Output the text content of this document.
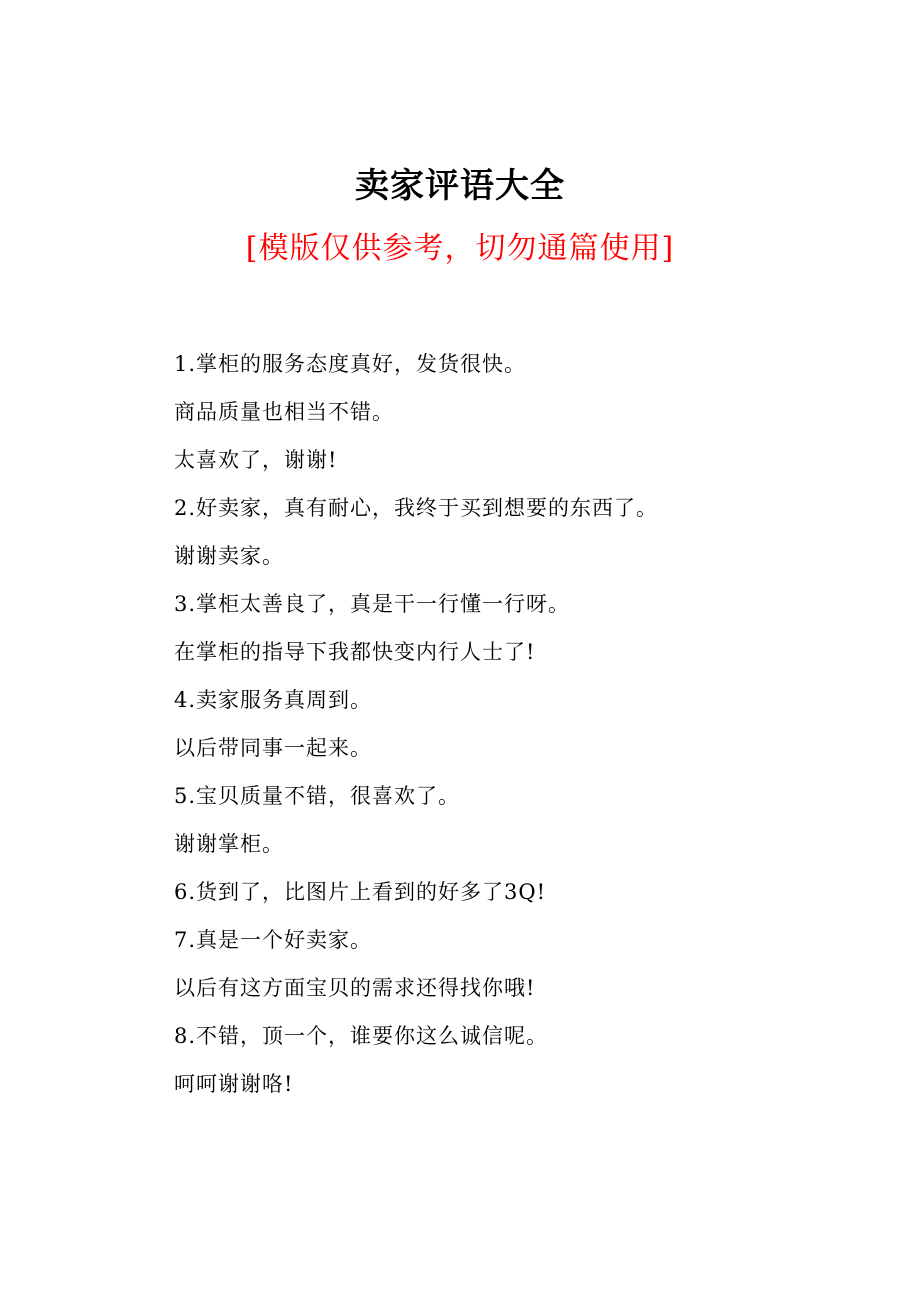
卖家评语大全
[模版仅供参考，切勿通篇使用]
1.掌柜的服务态度真好，发货很快。
商品质量也相当不错。
太喜欢了，谢谢!
2.好卖家，真有耐心，我终于买到想要的东西了。
谢谢卖家。
3.掌柜太善良了，真是干一行懂一行呀。
在掌柜的指导下我都快变内行人士了!
4.卖家服务真周到。
以后带同事一起来。
5.宝贝质量不错，很喜欢了。
谢谢掌柜。
6.货到了，比图片上看到的好多了3Q!
7.真是一个好卖家。
以后有这方面宝贝的需求还得找你哦!
8.不错，顶一个，谁要你这么诚信呢。
呵呵谢谢咯!
